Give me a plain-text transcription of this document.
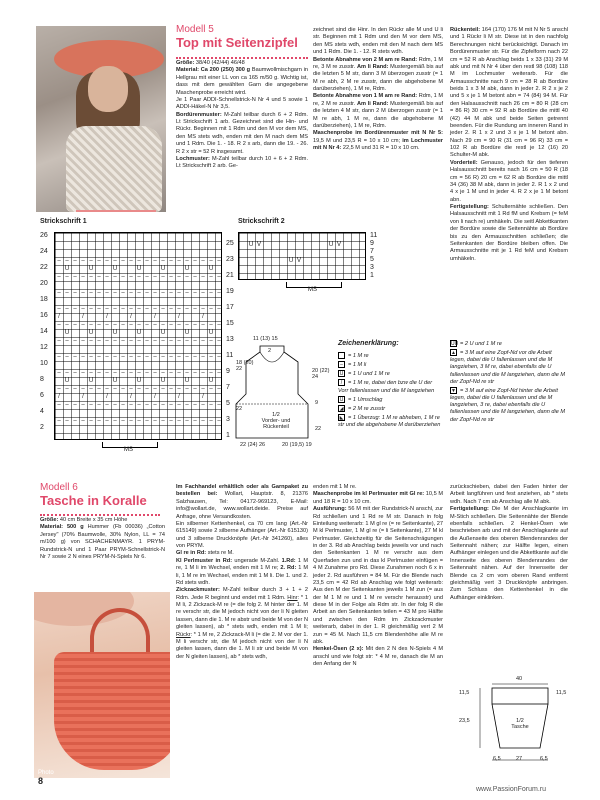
Modell 5
Top mit Seitenzipfel
Größe: 38/40 (42/44) 46/48
Material: Ca 200 (250) 300 g Baumwollmischgarn in Hellgrau mit einer LL von ca 165 m/50 g. Wichtig ist, dass mit dem gewählten Garn die angegebene Maschenprobe erreicht wird.
Je 1 Paar ADDI-Schnellstrick-N Nr 4 und 5 sowie 1 ADDI-Häkel-N Nr 3,5.
Bordürenmuster: M-Zahl teilbar durch 6 + 2 Rdm. Lt Strickschrift 1 arb. Gezeichnet sind die Hin- und Rückr. Beginnen mit 1 Rdm und den M vor dem MS, den MS stets wdh, enden mit den M nach dem MS und 1 Rdm. Die 1. - 18. R 2 x arb, dann die 19. - 26. R 2 x str = 52 R insgesamt.
Lochmuster: M-Zahl teilbar durch 10 + 6 + 2 Rdm. Lt Strickschrift 2 arb. Ge-
zeichnet sind die Hinr. In den Rückr alle M und U li str. Beginnen mit 1 Rdm und den M vor dem MS, den MS stets wdh, enden mit den M nach dem MS und 1 Rdm. Die 1. - 12. R stets wdh.
Betonte Abnahme von 2 M am re Rand: Rdm, 1 M re, 3 M re zusstr. Am li Rand: Mustergemäß bis auf die letzten 5 M str, dann 3 M überzogen zusstr (= 1 M re abh, 2 M re zusstr, dann die abgehobene M darüberziehen), 1 M re, Rdm.
Betonte Abnahme von 1 M am re Rand: Rdm, 1 M re, 2 M re zusstr. Am li Rand: Mustergemäß bis auf die letzten 4 M str, dann 2 M überzogen zusstr (= 1 M re abh, 1 M re, dann die abgehobene M darüberziehen), 1 M re, Rdm.
Maschenprobe im Bordürenmuster mit N Nr 5: 19,5 M und 23,5 R = 10 x 10 cm; im Lochmuster mit N Nr 4: 22,5 M und 31 R = 10 x 10 cm.
Rückenteil: 164 (170) 176 M mit N Nr 5 anschl und 1 Rückr li M str. Diese ist in den nachfolg Berechnungen nicht berücksichtigt. Danach im Bordürenmuster str. Für die Zipfelform nach 22 cm = 52 R ab Anschlag beids 1 x 33 (31) 29 M abk und mit N Nr 4 über den restl 98 (108) 118 M im Lochmuster weiterarb. Für die Armausschnitte nach 9 cm = 28 R ab Bordüre beids 1 x 3 M abk, dann in jeder 2. R 2 x je 2 und 5 x je 1 M betont abn = 74 (84) 94 M. Für den Halsausschnitt nach 26 cm = 80 R (28 cm = 86 R) 30 cm = 92 R ab Bordüre die mittl 40 (42) 44 M abk und beide Seiten getrennt beenden. Für die Rundung am inneren Rand in jeder 2. R 1 x 2 und 3 x je 1 M betont abn. Nach 29 cm = 90 R (31 cm = 96 R) 33 cm = 102 R ab Bordüre die restl je 12 (16) 20 Schulter-M abk.
Vorderteil: Genauso, jedoch für den tieferen Halsausschnitt bereits nach 16 cm = 50 R (18 cm = 56 R) 20 cm = 62 R ab Bordüre die mittl 34 (36) 38 M abk, dann in jeder 2. R 1 x 2 und 4 x je 1 M und in jeder 4. R 2 x je 1 M betont abn.
Fertigstellung: Schulternähte schließen. Den Halsausschnitt mit 1 Rd fM und Krebsm (= feM von li nach re) umhäkeln. Die seitl Abkettkanten der Bordüre sowie die Seitennähte ab Bordüre bis zu den Armausschnitten schließen; die Seitenkanten der Bordüre bleiben offen. Die Armausschnitte mit je 1 Rd feM und Krebsm umhäkeln.
Strickschrift 1
– – – – – – – – – – – – – – – – – – – – –
U	U	U	U	U	U	U
– – – – – – – – – – – – – – – – – – – – –
– – – – – – – – – – – – – – – – – – – – –
– – – – – – – – – – – – – – – – – – – – –
/	/	/	/	/	/	/
– – – – – – – – – – – – – – – – – – – – –
U	U	U	U	U	U	U
– – – – – – – – – – – – – – – – – – – – –
– – – – – – – – – – – – – – – – – – – – –
– – – – – – – – – – – – – – – – – – – – –
U	U	U	U	U	U	U
– – – – – – – – – – – – – – – – – – – – –
/	/	/	/	/	/	/
– – – – – – – – – – – – – – – – – – – – –
– – – – – – – – – – – – – – – – – – – – –
26
24
22
20
18
16
14
12
10
8
6
4
2
25
23
21
19
17
15
13
11
9
7
5
3
1
MS
Strickschrift 2
U V
U V
U V
11
9
7
5
3
1
MS
1/2
Vorder- und Rückenteil
11 (13) 15
2
18 (20) 22	20 (22) 24
9
22
22
22 (24) 26	20 (19,5) 19
Zeichenerklärung:
= 1 M re
– = 1 M li
U = 1 U und 1 M re
/ = 1 M re, dabei den bzw die U der Vorr fallenlassen und die M langziehen
U = 1 Umschlag
◢ = 2 M re zusstr
◣ = 1 Überzug: 1 M re abheben, 1 M re str und die abgehobene M darüberziehen
UU = 2 U und 1 M re
▲ = 3 M auf eine Zopf-Nd vor die Arbeit legen, dabei die U fallenlassen und die M langziehen, 3 M re, dabei ebenfalls die U fallenlassen und die M langziehen, dann die M der Zopf-Nd re str
▼ = 3 M auf eine Zopf-Nd hinter die Arbeit legen, dabei die U fallenlassen und die M langziehen, 3 re, dabei ebenfalls die U fallenlassen und die M langziehen, dann die M der Zopf-Nd re str
Modell 6
Tasche in Koralle
Größe: 40 cm Breite x 35 cm Höhe
Material: 500 g Hummer (Fb 00036) „Cotton Jersey" (70% Baumwolle, 30% Nylon, LL = 74 m/100 g) von SCHACHENMAYR. 1 PRYM-Rundstrick-N und 1 Paar PRYM-Schnellstrick-N Nr 7 sowie 2 N eines PRYM-N-Spiels Nr 6.
Photo
Im Fachhandel erhältlich oder als Garnpaket zu bestellen bei: Wollart, Hauptstr. 8, 21376 Salzhausen, Tel: 04172-969123, E-Mail: info@wollart.de, www.wollart.deide. Preise auf Anfrage, ohne Versandkosten.
Ein silberner Kettenhenkel, ca 70 cm lang (Art.-Nr 615149) sowie 2 silberne Aufhänger (Art.-Nr 615130) und 3 silberne Druckknöpfe (Art.-Nr 341260), alles von PRYM.
Gl re in Rd: stets re M.
Kl Perlmuster in Rd: ungerade M-Zahl. 1.Rd: 1 M re, 1 M li im Wechsel, enden mit 1 M re; 2. Rd: 1 M li, 1 M re im Wechsel, enden mit 1 M li. Die 1. und 2. Rd stets wdh.
Zickzackmuster: M-Zahl teilbar durch 3 + 1 + 2 Rdm. Jede R beginnt und endet mit 1 Rdm. Hinr: * 1 M li, 2 Zickzack-M re (= die folg 2. M hinter der 1. M re verschr str, die M jedoch nicht von der li N gleiten lassen, dann die 1. M re abstr und beide M von der N gleiten lassen), ab * stets wdh, enden mit 1 M li; Rückr: * 1 M re, 2 Zickzack-M li (= die 2. M vor der 1. M li verschr str, die M jedoch nicht von der li N gleiten lassen, dann die 1. M li str und beide M von der N gleiten lassen), ab * stets wdh,
enden mit 1 M re.
Maschenprobe im kl Perlmuster mit Gl re: 10,5 M und 18 R = 10 x 10 cm.
Ausführung: 56 M mit der Rundstrick-N anschl, zur Rd schließen und 1 Rd re M str. Danach in folg Einteilung weiterarb: 1 M gl re (= re Seitenkante), 27 M kl Perlmuster, 1 M gl re (= li Seitenkante), 27 M kl Perlmuster. Gleichzeitig für die Seitenschrägungen in der 3. Rd ab Anschlag beids jeweils vor und nach den Seitenkanten 1 M re verschr aus dem Querfaden zun und in das kl Perlmuster einfügen = 4 M Zunahme pro Rd. Diese Zunahmen noch 6 x in jeder 2. Rd ausführen = 84 M. Für die Blende nach 23,5 cm = 42 Rd ab Anschlag wie folgt weiterarb: Aus den M der Seitenkanten jeweils 1 M zun (= aus der M 1 M re und 1 M re verschr herausstr) und diese M in der Folge als Rdm str. In der folg R die Arbeit an den Seitenkanten teilen = 43 M pro Hälfte und zwischen den Rdm im Zickzackmuster weiterarb, dabei in der 1. R gleichmäßig vert 2 M zun = 45 M. Nach 11,5 cm Blendenhöhe alle M re abk.
Henkel-Ösen (2 x): Mit den 2 N des N-Spiels 4 M anschl und wie folgt str: * 4 M re, danach die M an den Anfang der N
zurückschieben, dabei den Faden hinter der Arbeit langführen und fest anziehen, ab * stets wdh. Nach 7 cm ab Anschlag alle M abk.
Fertigstellung: Die M der Anschlagkante im M-Stich schließen. Die Seitennähte der Blende ebenfalls schließen. 2 Henkel-Ösen wie beschrieben arb und mit der Anschlagkante auf die Außenseite des oberen Blendenrandes der Seitennaht nähen; zur Hälfte legen, einen Aufhänger einlegen und die Abkettkante auf die Innenseite des oberen Blendenrandes der Seitennaht nähen. Auf der Innenseite der Blende ca 2 cm vom oberen Rand entfernt gleichmäßig vert 3 Druckknöpfe anbringen. Zum Schluss den Kettenhenkel in die Aufhänger einklinken.
1/2
Tasche
40
11,5
23,5
11,5
6,5	27	6,5
8
www.PassionForum.ru
